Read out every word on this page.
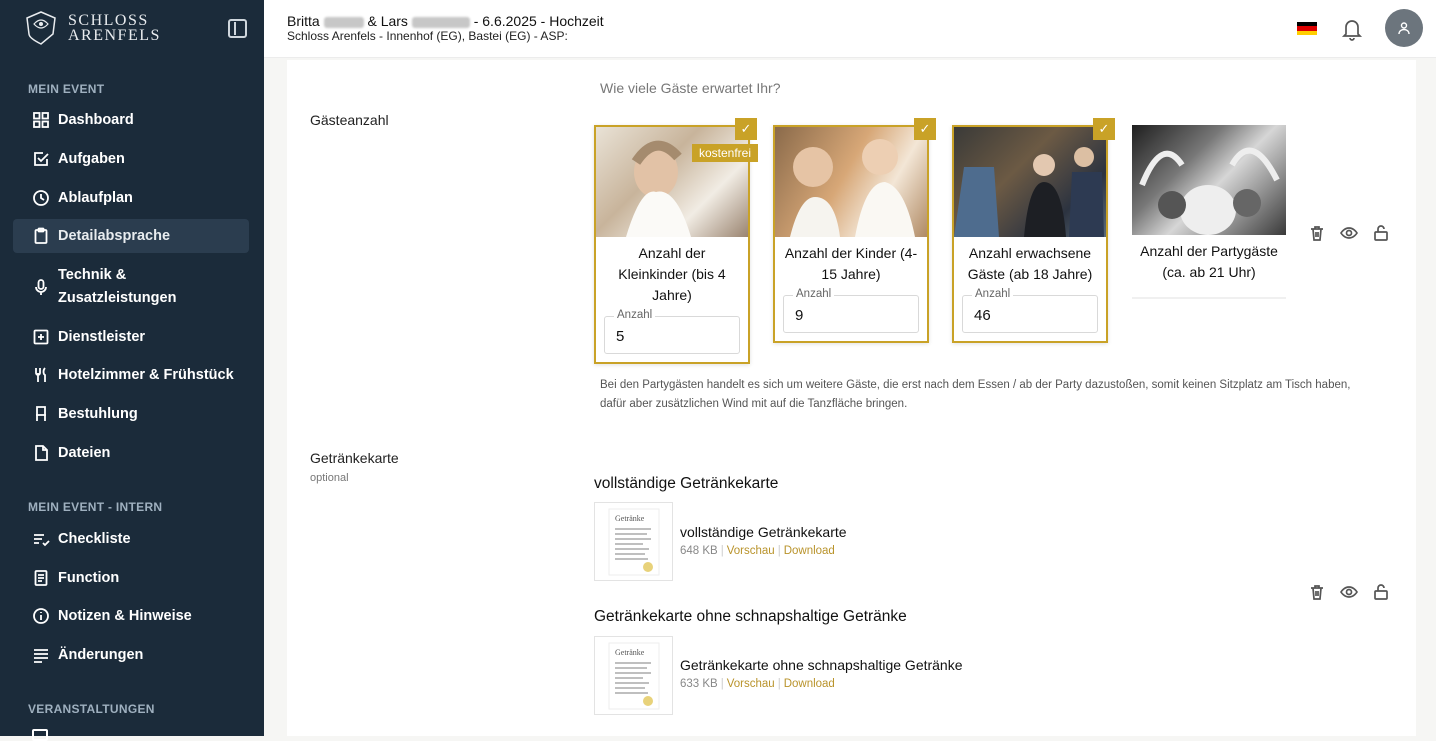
SCHLOSS
ARENFELS
MEIN EVENT
Dashboard
Aufgaben
Ablaufplan
Detailabsprache
Technik & Zusatzleistungen
Dienstleister
Hotelzimmer & Frühstück
Bestuhlung
Dateien
MEIN EVENT - INTERN
Checkliste
Function
Notizen & Hinweise
Änderungen
VERANSTALTUNGEN
Britta	& Lars	- 6.6.2025 - Hochzeit
Schloss Arenfels - Innenhof (EG), Bastei (EG) - ASP:
Gästeanzahl
Wie viele Gäste erwartet Ihr?
✓
kostenfrei
Anzahl der Kleinkinder (bis 4 Jahre)
Anzahl
5
✓
Anzahl der Kinder (4-15 Jahre)
Anzahl
9
✓
Anzahl erwachsene Gäste (ab 18 Jahre)
Anzahl
46
Anzahl der Partygäste (ca. ab 21 Uhr)
Bei den Partygästen handelt es sich um weitere Gäste, die erst nach dem Essen / ab der Party dazustoßen, somit keinen Sitzplatz am Tisch haben, dafür aber zusätzlichen Wind mit auf die Tanzfläche bringen.
Getränkekarte
optional	vollständige Getränkekarte
Getränke
vollständige Getränkekarte
648 KB | Vorschau | Download
Getränkekarte ohne schnapshaltige Getränke
Getränke
Getränkekarte ohne schnapshaltige Getränke
633 KB | Vorschau | Download
